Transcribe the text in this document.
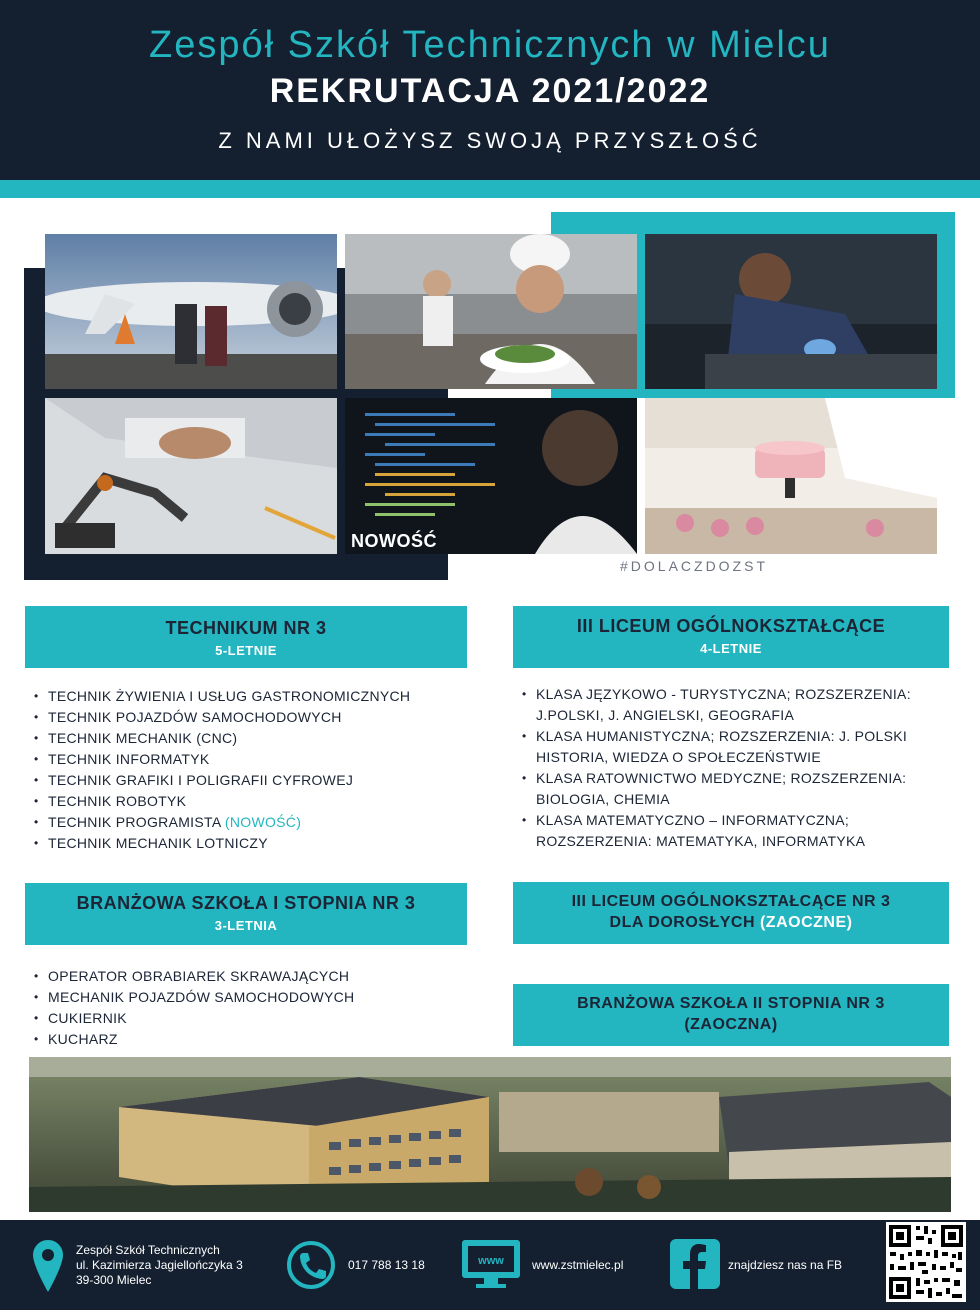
Zespół Szkół Technicznych w Mielcu
REKRUTACJA 2021/2022

Z NAMI UŁOŻYSZ SWOJĄ PRZYSZŁOŚĆ

NOWOŚĆ
#DOLACZDOZST
TECHNIKUM NR 3
5-LETNIE
• TECHNIK ŻYWIENIA I USŁUG GASTRONOMICZNYCH
• TECHNIK POJAZDÓW SAMOCHODOWYCH
• TECHNIK MECHANIK (CNC)
• TECHNIK INFORMATYK
• TECHNIK GRAFIKI I POLIGRAFII CYFROWEJ
• TECHNIK ROBOTYK
• TECHNIK PROGRAMISTA (NOWOŚĆ)
• TECHNIK MECHANIK LOTNICZY
III LICEUM OGÓLNOKSZTAŁCĄCE
4-LETNIE
• KLASA JĘZYKOWO - TURYSTYCZNA; ROZSZERZENIA: J.POLSKI, J. ANGIELSKI, GEOGRAFIA
• KLASA HUMANISTYCZNA; ROZSZERZENIA: J. POLSKI HISTORIA, WIEDZA O SPOŁECZEŃSTWIE
• KLASA RATOWNICTWO MEDYCZNE; ROZSZERZENIA: BIOLOGIA, CHEMIA
• KLASA MATEMATYCZNO – INFORMATYCZNA; ROZSZERZENIA: MATEMATYKA, INFORMATYKA
BRANŻOWA SZKOŁA I STOPNIA NR 3
3-LETNIA
• OPERATOR OBRABIAREK SKRAWAJĄCYCH
• MECHANIK POJAZDÓW SAMOCHODOWYCH
• CUKIERNIK
• KUCHARZ
III LICEUM OGÓLNOKSZTAŁCĄCE NR 3
DLA DOROSŁYCH (ZAOCZNE)
BRANŻOWA SZKOŁA II STOPNIA NR 3
(ZAOCZNA)
Zespół Szkół Technicznych
ul. Kazimierza Jagiellończyka 3
39-300 Mielec
017 788 13 18	www www.zstmielec.pl	znajdziesz nas na FB
